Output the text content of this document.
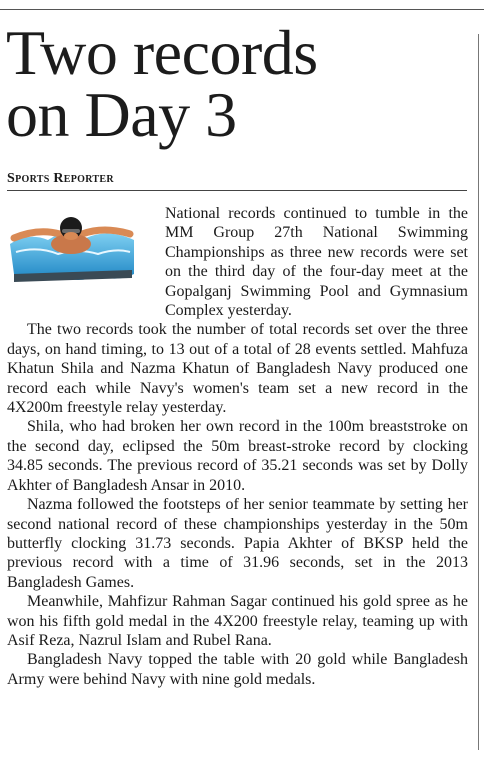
Two records
on Day 3
Sports Reporter

National records continued to tumble in the MM Group 27th National Swimming Championships as three new records were set on the third day of the four-day meet at the Gopalganj Swimming Pool and Gymnasium Complex yesterday.

The two records took the number of total records set over the three days, on hand timing, to 13 out of a total of 28 events settled. Mahfuza Khatun Shila and Nazma Khatun of Bangladesh Navy produced one record each while Navy's women's team set a new record in the 4X200m freestyle relay yesterday.

Shila, who had broken her own record in the 100m breaststroke on the second day, eclipsed the 50m breast-stroke record by clocking 34.85 seconds. The previous record of 35.21 seconds was set by Dolly Akhter of Bangladesh Ansar in 2010.

Nazma followed the footsteps of her senior teammate by setting her second national record of these championships yesterday in the 50m butterfly clocking 31.73 seconds. Papia Akhter of BKSP held the previous record with a time of 31.96 seconds, set in the 2013 Bangladesh Games.

Meanwhile, Mahfizur Rahman Sagar continued his gold spree as he won his fifth gold medal in the 4X200 freestyle relay, teaming up with Asif Reza, Nazrul Islam and Rubel Rana.

Bangladesh Navy topped the table with 20 gold while Bangladesh Army were behind Navy with nine gold medals.
